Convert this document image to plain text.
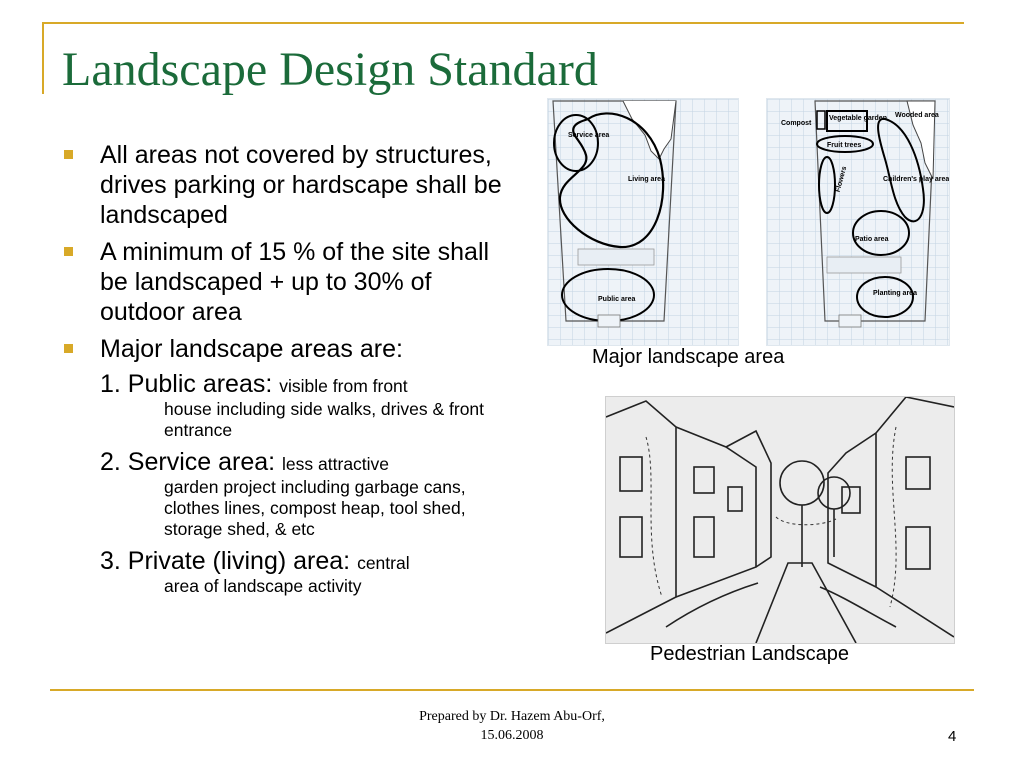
Landscape Design Standard
All areas not covered by structures, drives parking or hardscape shall be landscaped
A minimum of 15 % of the site shall be landscaped + up to 30% of outdoor area
Major landscape areas are:
1. Public areas: visible from front
house including side walks, drives & front entrance
2. Service area: less attractive
garden project including garbage cans, clothes lines, compost heap, tool shed, storage shed, & etc
3. Private (living) area: central
area of landscape activity
Service area
Living area
Public area
Compost
Vegetable garden Wooded area
Fruit trees
Flowers	Children's play area
Patio area
Planting area
Major landscape area
Pedestrian Landscape
Prepared by Dr. Hazem Abu-Orf,
15.06.2008	4
